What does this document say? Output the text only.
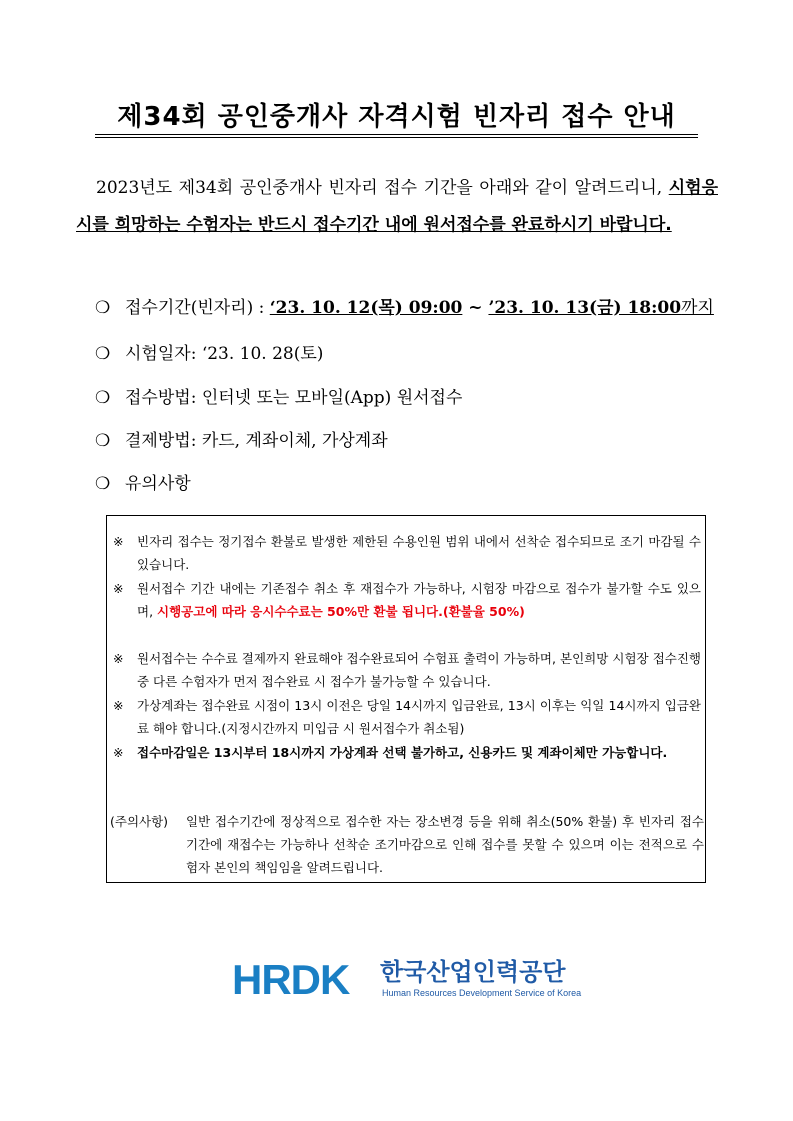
제34회 공인중개사 자격시험 빈자리 접수 안내
2023년도 제34회 공인중개사 빈자리 접수 기간을 아래와 같이 알려드리니, 시험응시를 희망하는 수험자는 반드시 접수기간 내에 원서접수를 완료하시기 바랍니다.
❍ 접수기간(빈자리) : ‘23. 10. 12(목) 09:00 ~ ’23. 10. 13(금) 18:00까지
❍ 시험일자: ‘23. 10. 28(토)
❍ 접수방법: 인터넷 또는 모바일(App) 원서접수
❍ 결제방법: 카드, 계좌이체, 가상계좌
❍ 유의사항
※ 빈자리 접수는 정기접수 환불로 발생한 제한된 수용인원 범위 내에서 선착순 접수되므로 조기 마감될 수 있습니다.
※ 원서접수 기간 내에는 기존접수 취소 후 재접수가 가능하나, 시험장 마감으로 접수가 불가할 수도 있으며, 시행공고에 따라 응시수수료는 50%만 환불 됩니다.(환불율 50%)
※ 원서접수는 수수료 결제까지 완료해야 접수완료되어 수험표 출력이 가능하며, 본인희망 시험장 접수진행 중 다른 수험자가 먼저 접수완료 시 접수가 불가능할 수 있습니다.
※ 가상계좌는 접수완료 시점이 13시 이전은 당일 14시까지 입금완료, 13시 이후는 익일 14시까지 입금완료 해야 합니다.(지정시간까지 미입금 시 원서접수가 취소됨)
※ 접수마감일은 13시부터 18시까지 가상계좌 선택 불가하고, 신용카드 및 계좌이체만 가능합니다.
(주의사항) 일반 접수기간에 정상적으로 접수한 자는 장소변경 등을 위해 취소(50% 환불) 후 빈자리 접수 기간에 재접수는 가능하나 선착순 조기마감으로 인해 접수를 못할 수 있으며 이는 전적으로 수험자 본인의 책임임을 알려드립니다.
HRDK 한국산업인력공단
Human Resources Development Service of Korea
